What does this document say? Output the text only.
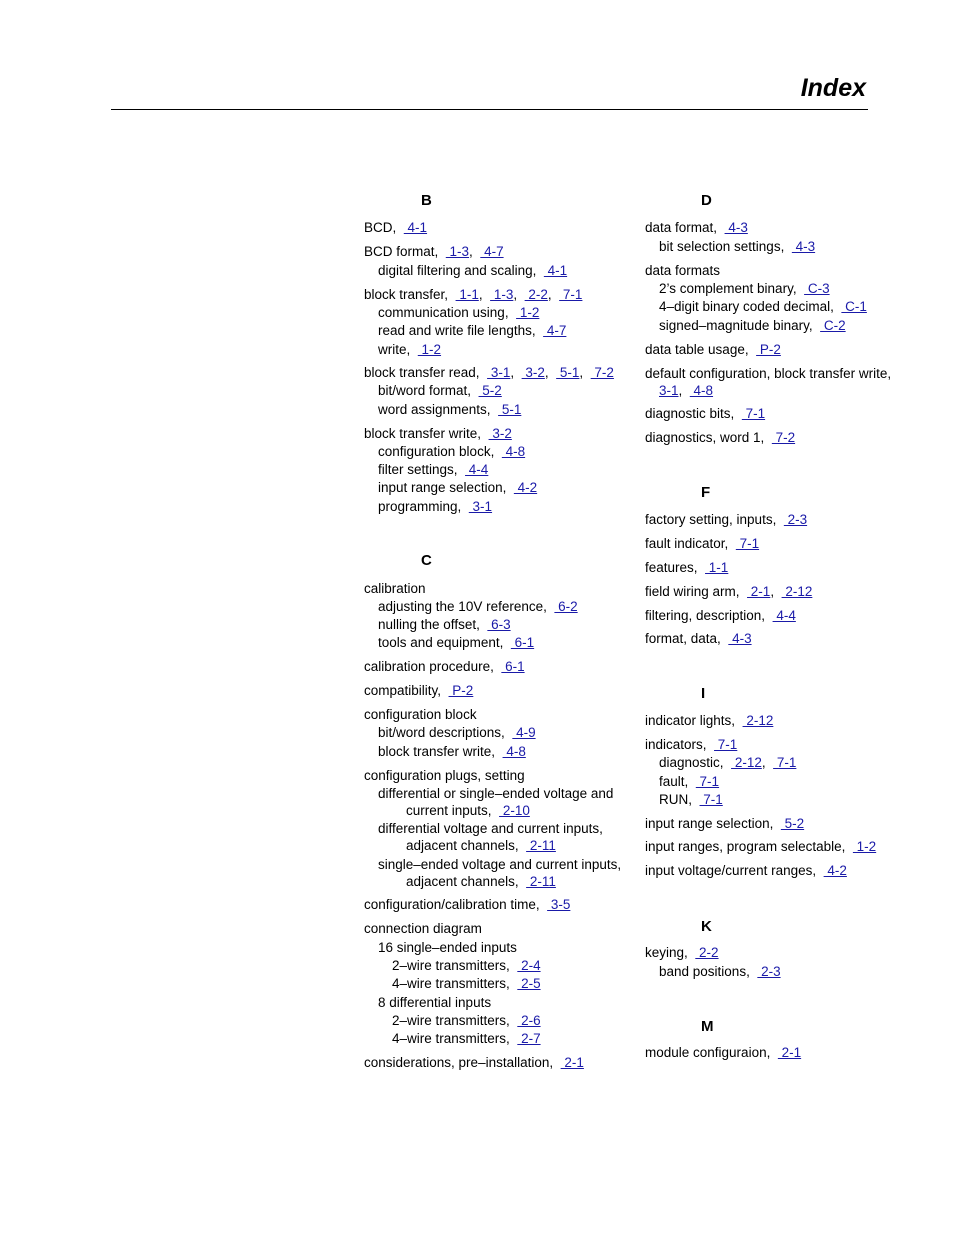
Index
B
BCD,   4-1
BCD format,   1-3,   4-7
digital filtering and scaling,   4-1
block transfer,   1-1,   1-3,   2-2,   7-1
communication using,   1-2
read and write file lengths,   4-7
write,   1-2
block transfer read,   3-1,   3-2,   5-1,   7-2
bit/word format,   5-2
word assignments,   5-1
block transfer write,   3-2
configuration block,   4-8
filter settings,   4-4
input range selection,   4-2
programming,   3-1
C
calibration
adjusting the 10V reference,   6-2
nulling the offset,   6-3
tools and equipment,   6-1
calibration procedure,   6-1
compatibility,   P-2
configuration block
bit/word descriptions,   4-9
block transfer write,   4-8
configuration plugs, setting
differential or single–ended voltage and
current inputs,   2-10
differential voltage and current inputs,
adjacent channels,   2-11
single–ended voltage and current inputs,
adjacent channels,   2-11
configuration/calibration time,   3-5
connection diagram
16 single–ended inputs
2–wire transmitters,   2-4
4–wire transmitters,   2-5
8 differential inputs
2–wire transmitters,   2-6
4–wire transmitters,   2-7
considerations, pre–installation,   2-1
D
data format,   4-3
bit selection settings,   4-3
data formats
2’s complement binary,   C-3
4–digit binary coded decimal,   C-1
signed–magnitude binary,   C-2
data table usage,   P-2
default configuration, block transfer write,
3-1,   4-8
diagnostic bits,   7-1
diagnostics, word 1,   7-2
F
factory setting, inputs,   2-3
fault indicator,   7-1
features,   1-1
field wiring arm,   2-1,   2-12
filtering, description,   4-4
format, data,   4-3
I
indicator lights,   2-12
indicators,   7-1
diagnostic,   2-12,   7-1
fault,   7-1
RUN,   7-1
input range selection,   5-2
input ranges, program selectable,   1-2
input voltage/current ranges,   4-2
K
keying,   2-2
band positions,   2-3
M
module configuraion,   2-1
